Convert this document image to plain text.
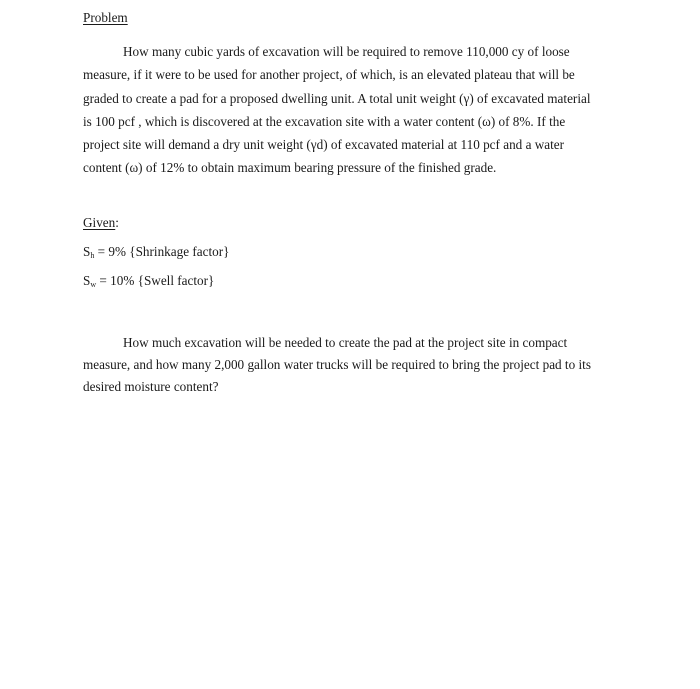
Problem
How many cubic yards of excavation will be required to remove 110,000 cy of loose
measure, if it were to be used for another project, of which, is an elevated plateau that will be
graded to create a pad for a proposed dwelling unit. A total unit weight (γ) of excavated material
is 100 pcf , which is discovered at the excavation site with a water content (ω) of 8%. If the
project site will demand a dry unit weight (γd) of excavated material at 110 pcf and a water
content (ω) of 12% to obtain maximum bearing pressure of the finished grade.
Given:
$S_h = 9\%$ {Shrinkage factor}
$S_w = 10\%$ {Swell factor}
How much excavation will be needed to create the pad at the project site in compact
measure, and how many 2,000 gallon water trucks will be required to bring the project pad to its
desired moisture content?
